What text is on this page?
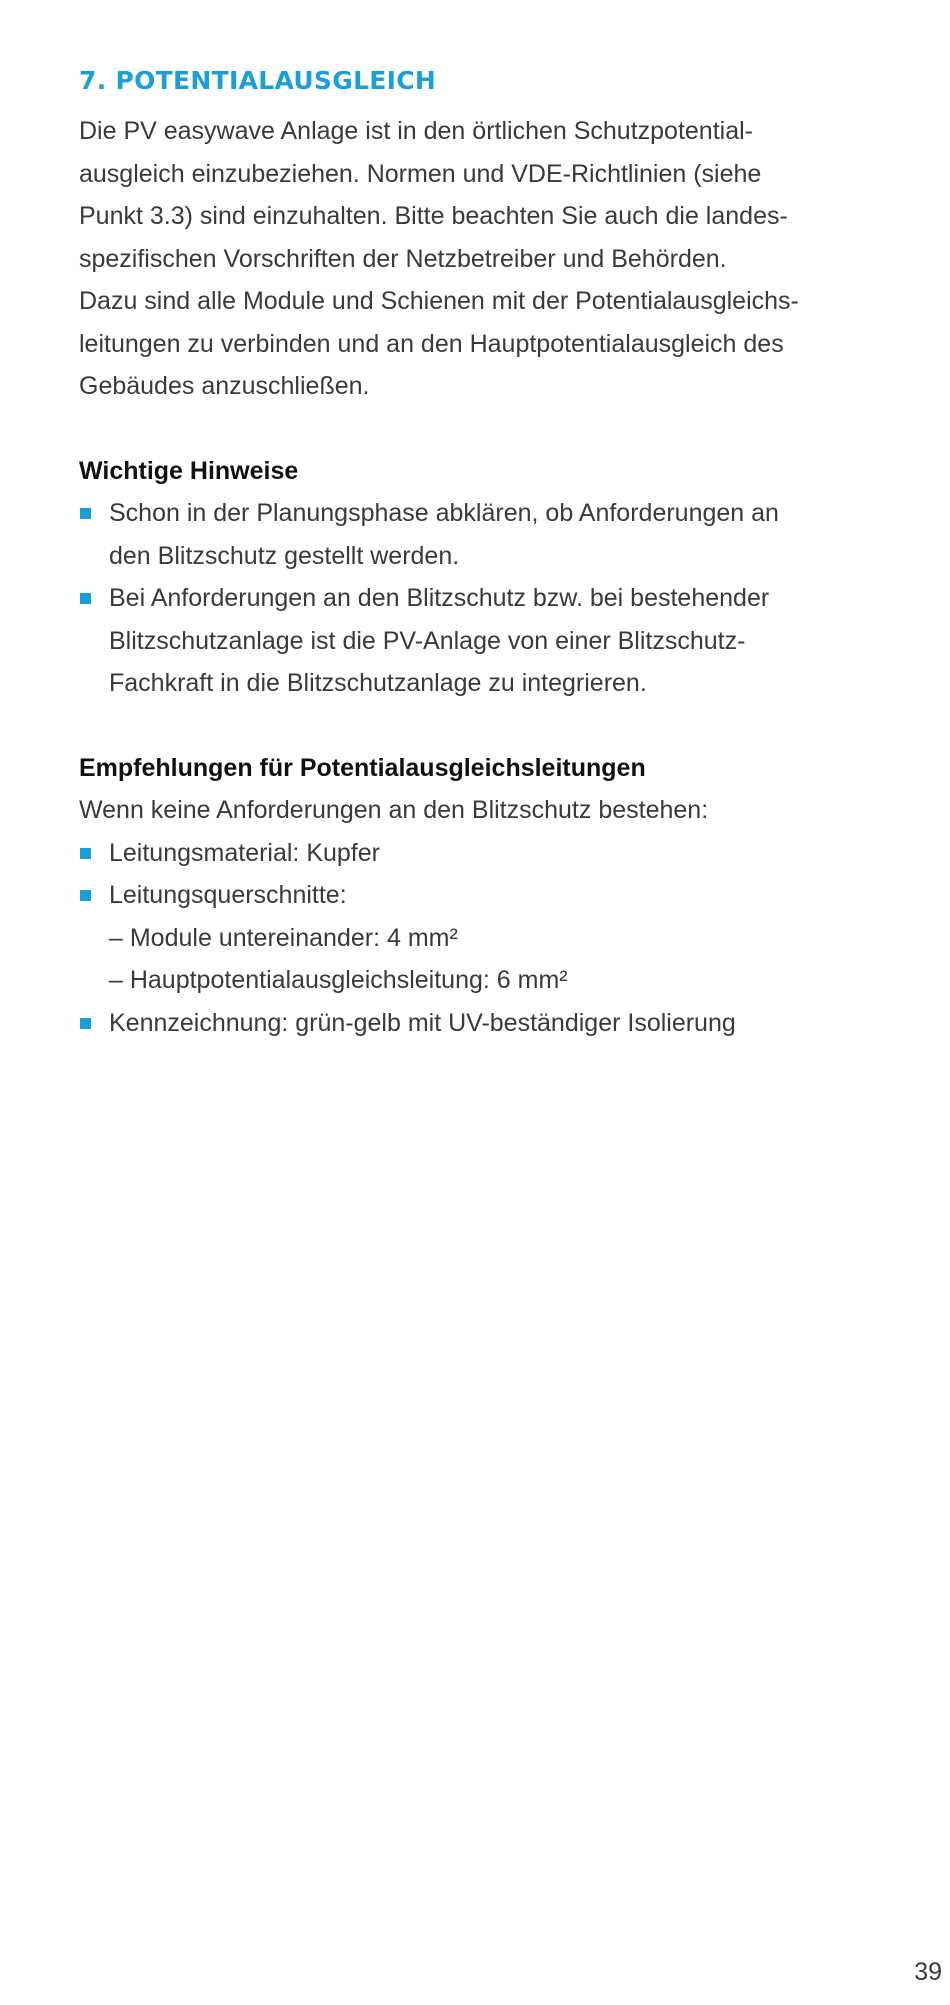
7. POTENTIALAUSGLEICH

Die PV easywave Anlage ist in den örtlichen Schutzpotential-
ausgleich einzubeziehen. Normen und VDE-Richtlinien (siehe
Punkt 3.3) sind einzuhalten. Bitte beachten Sie auch die landes-
spezifischen Vorschriften der Netzbetreiber und Behörden.
Dazu sind alle Module und Schienen mit der Potentialausgleichs-
leitungen zu verbinden und an den Hauptpotentialausgleich des
Gebäudes anzuschließen.

Wichtige Hinweise
Schon in der Planungsphase abklären, ob Anforderungen an
den Blitzschutz gestellt werden.
Bei Anforderungen an den Blitzschutz bzw. bei bestehender
Blitzschutzanlage ist die PV-Anlage von einer Blitzschutz-
Fachkraft in die Blitzschutzanlage zu integrieren.
Empfehlungen für Potentialausgleichsleitungen

Wenn keine Anforderungen an den Blitzschutz bestehen:

Leitungsmaterial: Kupfer
Leitungsquerschnitte:
– Module untereinander: 4 mm²
– Hauptpotentialausgleichsleitung: 6 mm²
Kennzeichnung: grün-gelb mit UV-beständiger Isolierung
39
